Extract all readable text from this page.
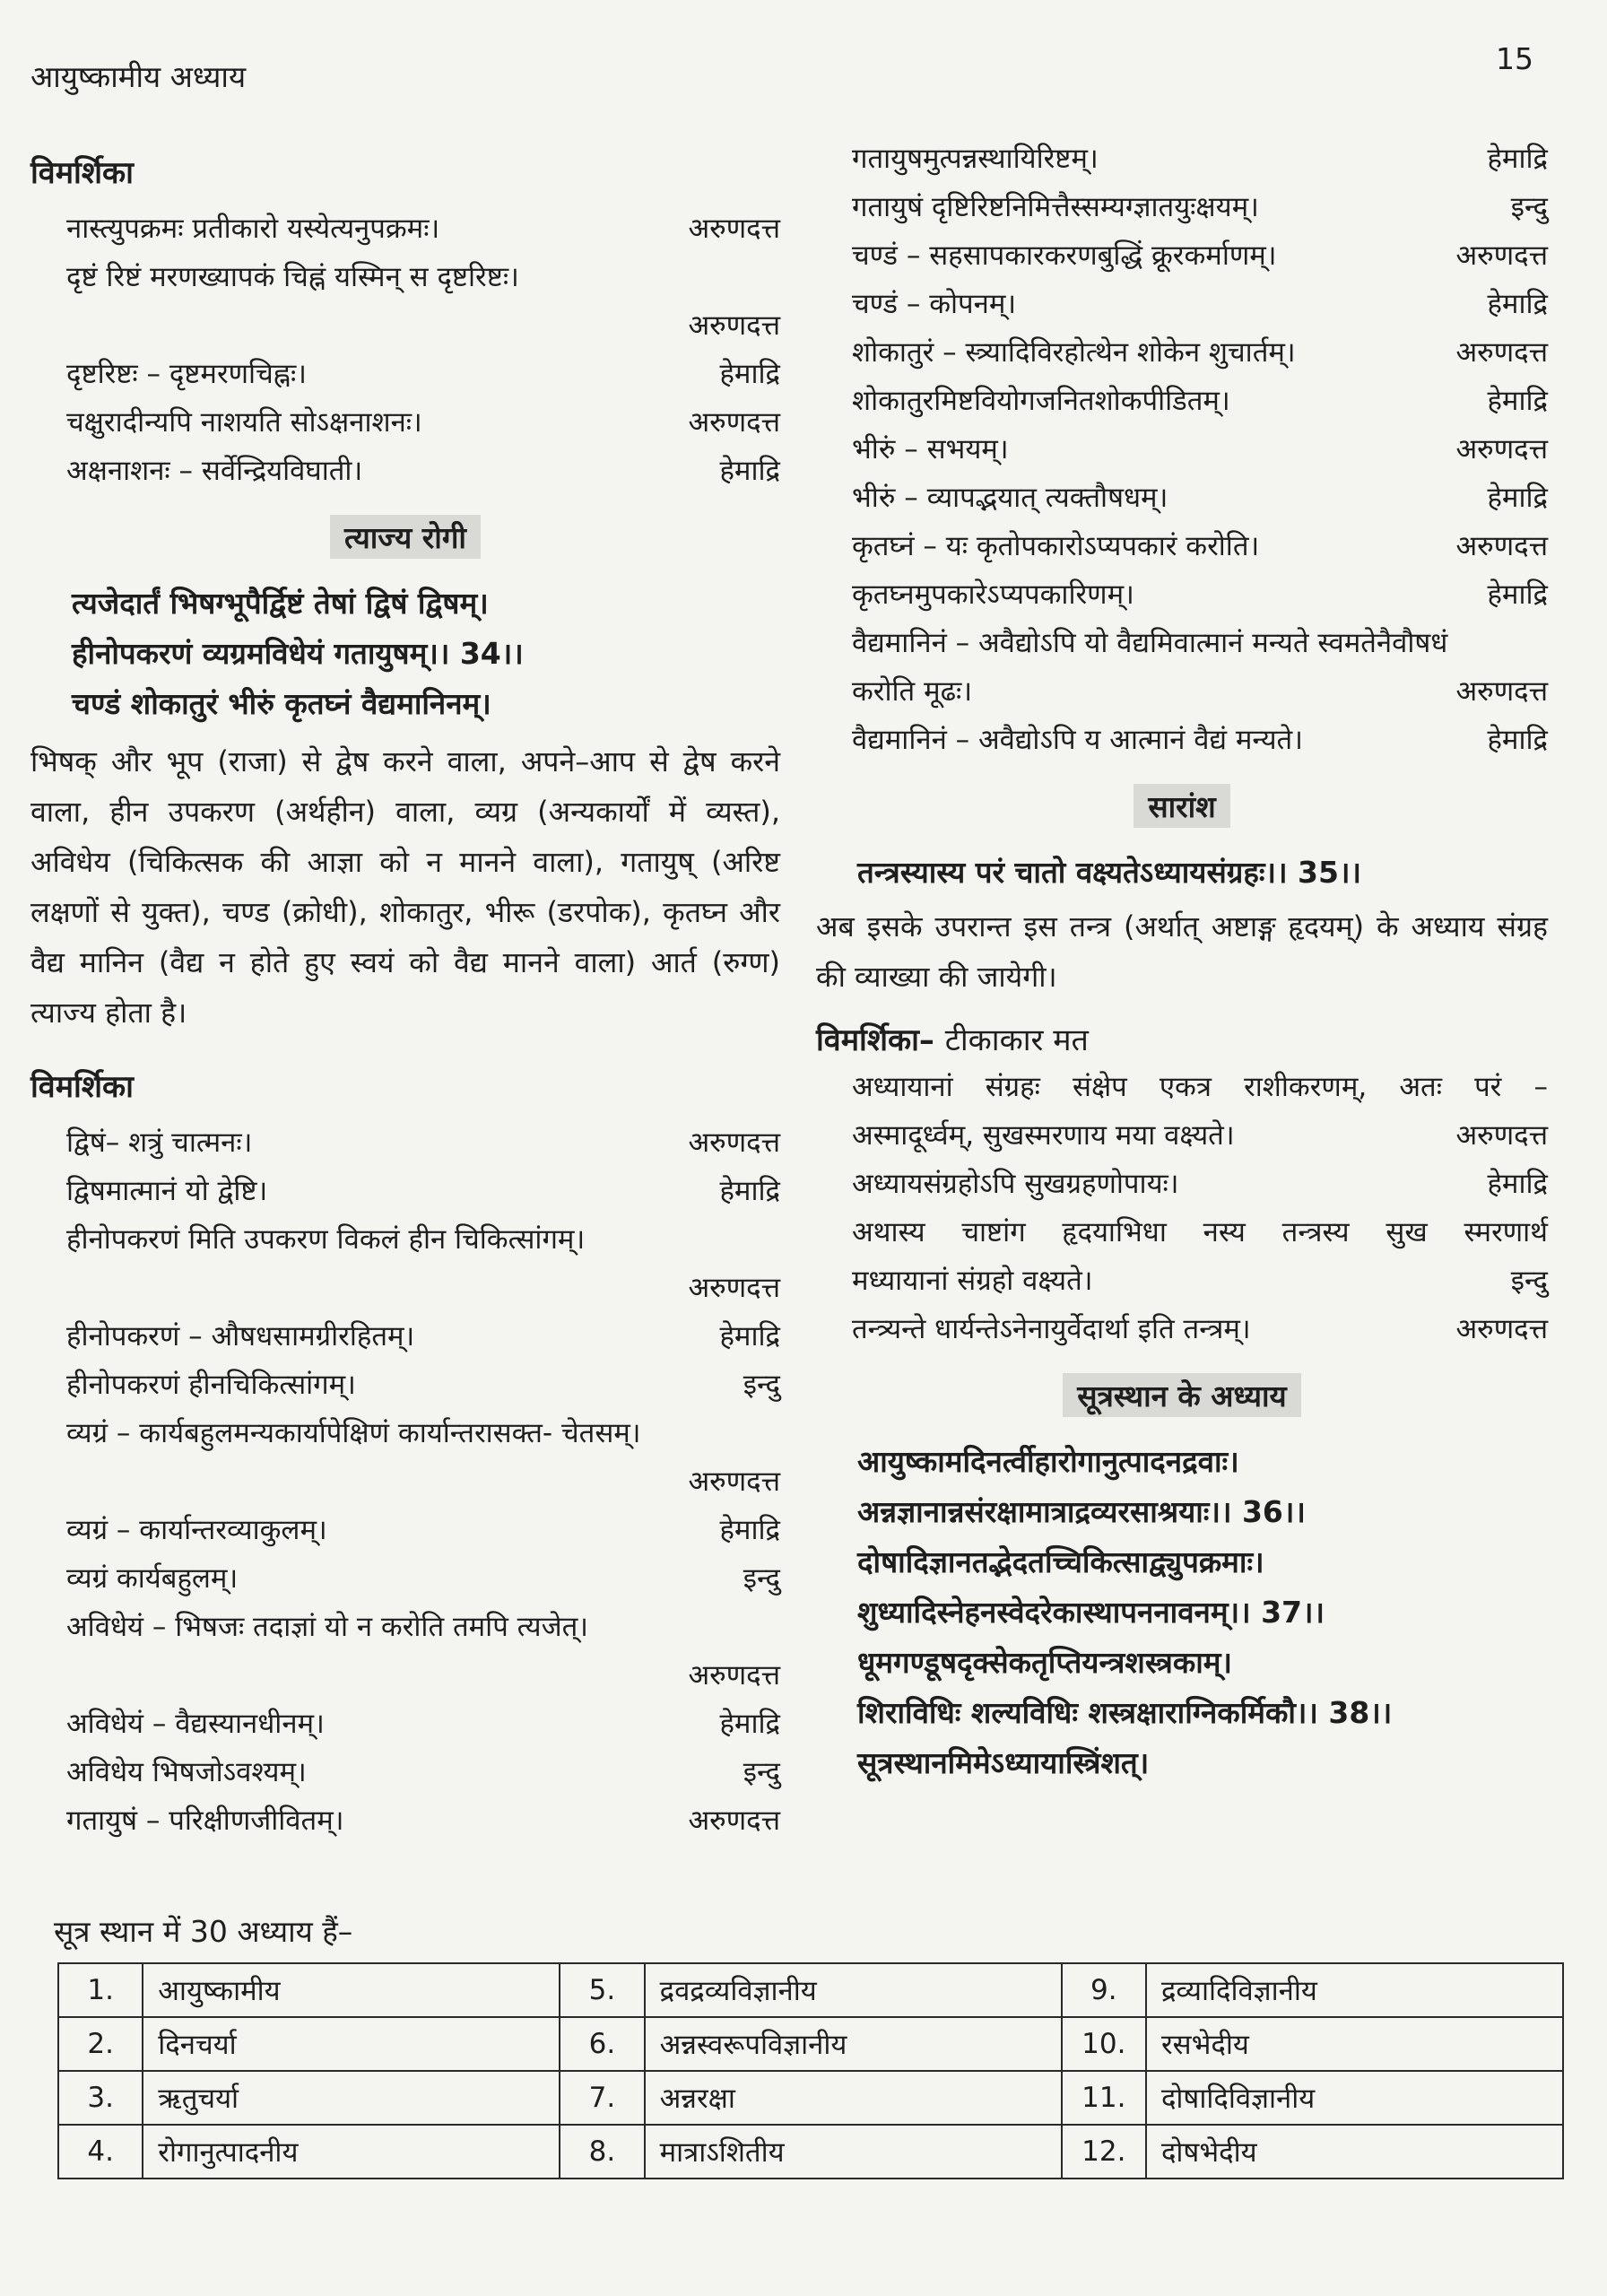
आयुष्कामीय अध्याय
15
विमर्शिका
नास्त्युपक्रमः प्रतीकारो यस्येत्यनुपक्रमः।	अरुणदत्त
दृष्टं रिष्टं मरणख्यापकं चिह्नं यस्मिन् स दृष्टरिष्टः।
अरुणदत्त
दृष्टरिष्टः – दृष्टमरणचिह्नः।	हेमाद्रि
चक्षुरादीन्यपि नाशयति सोऽक्षनाशनः।	अरुणदत्त
अक्षनाशनः – सर्वेन्द्रियविघाती।	हेमाद्रि
त्याज्य रोगी
त्यजेदार्तं भिषग्भूपैर्द्विष्टं तेषां द्विषं द्विषम्।
हीनोपकरणं व्यग्रमविधेयं गतायुषम्।। 34।।
चण्डं शोकातुरं भीरुं कृतघ्नं वैद्यमानिनम्।
भिषक् और भूप (राजा) से द्वेष करने वाला, अपने–आप से द्वेष करने वाला, हीन उपकरण (अर्थहीन) वाला, व्यग्र (अन्यकार्यों में व्यस्त), अविधेय (चिकित्सक की आज्ञा को न मानने वाला), गतायुष् (अरिष्ट लक्षणों से युक्त), चण्ड (क्रोधी), शोकातुर, भीरू (डरपोक), कृतघ्न और वैद्य मानिन (वैद्य न होते हुए स्वयं को वैद्य मानने वाला) आर्त (रुग्ण) त्याज्य होता है।
विमर्शिका
द्विषं– शत्रुं चात्मनः।	अरुणदत्त
द्विषमात्मानं यो द्वेष्टि।	हेमाद्रि
हीनोपकरणं मिति उपकरण विकलं हीन चिकित्सांगम्।
अरुणदत्त
हीनोपकरणं – औषधसामग्रीरहितम्।	हेमाद्रि
हीनोपकरणं हीनचिकित्सांगम्।	इन्दु
व्यग्रं – कार्यबहुलमन्यकार्यापेक्षिणं कार्यान्तरासक्त- चेतसम्।
अरुणदत्त
व्यग्रं – कार्यान्तरव्याकुलम्।	हेमाद्रि
व्यग्रं कार्यबहुलम्।	इन्दु
अविधेयं – भिषजः तदाज्ञां यो न करोति तमपि त्यजेत्।
अरुणदत्त
अविधेयं – वैद्यस्यानधीनम्।	हेमाद्रि
अविधेय भिषजोऽवश्यम्।	इन्दु
गतायुषं – परिक्षीणजीवितम्।	अरुणदत्त
गतायुषमुत्पन्नस्थायिरिष्टम्।	हेमाद्रि
गतायुषं दृष्टिरिष्टनिमित्तैस्सम्यग्ज्ञातयुःक्षयम्।	इन्दु
चण्डं – सहसापकारकरणबुद्धिं क्रूरकर्माणम्।	अरुणदत्त
चण्डं – कोपनम्।	हेमाद्रि
शोकातुरं – स्त्र्यादिविरहोत्थेन शोकेन शुचार्तम्।	अरुणदत्त
शोकातुरमिष्टवियोगजनितशोकपीडितम्।	हेमाद्रि
भीरुं – सभयम्।	अरुणदत्त
भीरुं – व्यापद्भयात् त्यक्तौषधम्।	हेमाद्रि
कृतघ्नं – यः कृतोपकारोऽप्यपकारं करोति।	अरुणदत्त
कृतघ्नमुपकारेऽप्यपकारिणम्।	हेमाद्रि
वैद्यमानिनं – अवैद्योऽपि यो वैद्यमिवात्मानं मन्यते स्वमतेनैवौषधं
करोति मूढः।	अरुणदत्त
वैद्यमानिनं – अवैद्योऽपि य आत्मानं वैद्यं मन्यते।	हेमाद्रि
सारांश
तन्त्रस्यास्य परं चातो वक्ष्यतेऽध्यायसंग्रहः।। 35।।
अब इसके उपरान्त इस तन्त्र (अर्थात् अष्टाङ्ग हृदयम्) के अध्याय संग्रह की व्याख्या की जायेगी।
विमर्शिका– टीकाकार मत
अध्यायानां संग्रहः संक्षेप एकत्र राशीकरणम्, अतः परं –
अस्मादूर्ध्वम्, सुखस्मरणाय मया वक्ष्यते।	अरुणदत्त
अध्यायसंग्रहोऽपि सुखग्रहणोपायः।	हेमाद्रि
अथास्य चाष्टांग हृदयाभिधा नस्य तन्त्रस्य सुख स्मरणार्थ
मध्यायानां संग्रहो वक्ष्यते।	इन्दु
तन्त्र्यन्ते धार्यन्तेऽनेनायुर्वेदार्था इति तन्त्रम्।	अरुणदत्त
सूत्रस्थान के अध्याय
आयुष्कामदिनर्त्वीहारोगानुत्पादनद्रवाः।
अन्नज्ञानान्नसंरक्षामात्राद्रव्यरसाश्रयाः।। 36।।
दोषादिज्ञानतद्भेदतच्चिकित्साद्व्युपक्रमाः।
शुध्यादिस्नेहनस्वेदरेकास्थापननावनम्।। 37।।
धूमगण्डूषदृक्सेकतृप्तियन्त्रशस्त्रकाम्।
शिराविधिः शल्यविधिः शस्त्रक्षाराग्निकर्मिकौ।। 38।।
सूत्रस्थानमिमेऽध्यायास्त्रिंशत्।
सूत्र स्थान में 30 अध्याय हैं–
1.	आयुष्कामीय	5.	द्रवद्रव्यविज्ञानीय	9.	द्रव्यादिविज्ञानीय
2.	दिनचर्या	6.	अन्नस्वरूपविज्ञानीय	10.	रसभेदीय
3.	ऋतुचर्या	7.	अन्नरक्षा	11.	दोषादिविज्ञानीय
4.	रोगानुत्पादनीय	8.	मात्राऽशितीय	12.	दोषभेदीय
